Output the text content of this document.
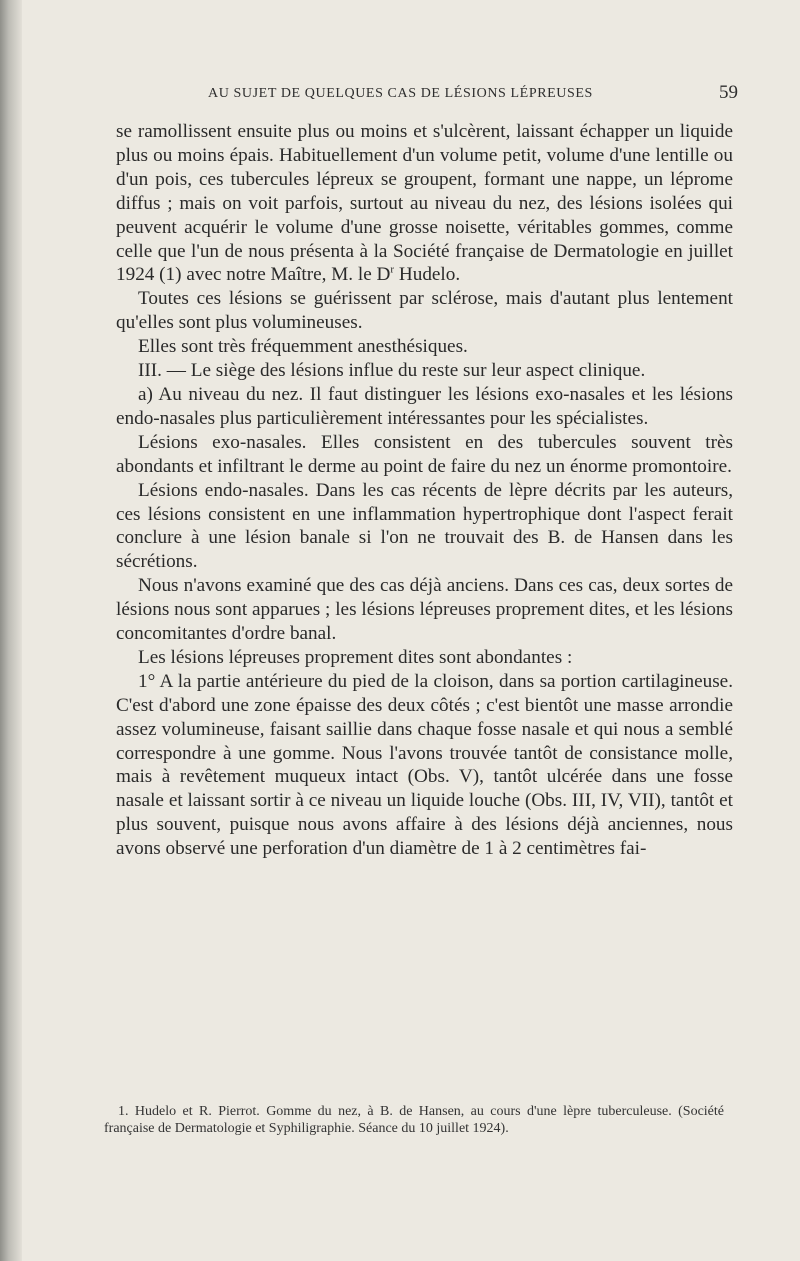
AU SUJET DE QUELQUES CAS DE LÉSIONS LÉPREUSES	59

se ramollissent ensuite plus ou moins et s'ulcèrent, laissant échapper un liquide plus ou moins épais. Habituellement d'un volume petit, volume d'une lentille ou d'un pois, ces tubercules lépreux se groupent, formant une nappe, un léprome diffus ; mais on voit parfois, surtout au niveau du nez, des lésions isolées qui peuvent acquérir le volume d'une grosse noisette, véritables gommes, comme celle que l'un de nous présenta à la Société française de Dermatologie en juillet 1924 (1) avec notre Maître, M. le $D^r$ Hudelo.

Toutes ces lésions se guérissent par sclérose, mais d'autant plus lentement qu'elles sont plus volumineuses.

Elles sont très fréquemment anesthésiques.

III. — Le siège des lésions influe du reste sur leur aspect clinique.

a) Au niveau du nez. Il faut distinguer les lésions exo-nasales et les lésions endo-nasales plus particulièrement intéressantes pour les spécialistes.

Lésions exo-nasales. Elles consistent en des tubercules souvent très abondants et infiltrant le derme au point de faire du nez un énorme promontoire.

Lésions endo-nasales. Dans les cas récents de lèpre décrits par les auteurs, ces lésions consistent en une inflammation hypertrophique dont l'aspect ferait conclure à une lésion banale si l'on ne trouvait des B. de Hansen dans les sécrétions.

Nous n'avons examiné que des cas déjà anciens. Dans ces cas, deux sortes de lésions nous sont apparues ; les lésions lépreuses proprement dites, et les lésions concomitantes d'ordre banal.

Les lésions lépreuses proprement dites sont abondantes :

1° A la partie antérieure du pied de la cloison, dans sa portion cartilagineuse. C'est d'abord une zone épaisse des deux côtés ; c'est bientôt une masse arrondie assez volumineuse, faisant saillie dans chaque fosse nasale et qui nous a semblé correspondre à une gomme. Nous l'avons trouvée tantôt de consistance molle, mais à revêtement muqueux intact (Obs. V), tantôt ulcérée dans une fosse nasale et laissant sortir à ce niveau un liquide louche (Obs. III, IV, VII), tantôt et plus souvent, puisque nous avons affaire à des lésions déjà anciennes, nous avons observé une perforation d'un diamètre de 1 à 2 centimètres fai-

1. Hudelo et R. Pierrot. Gomme du nez, à B. de Hansen, au cours d'une lèpre tuberculeuse. (Société française de Dermatologie et Syphiligraphie. Séance du 10 juillet 1924).
